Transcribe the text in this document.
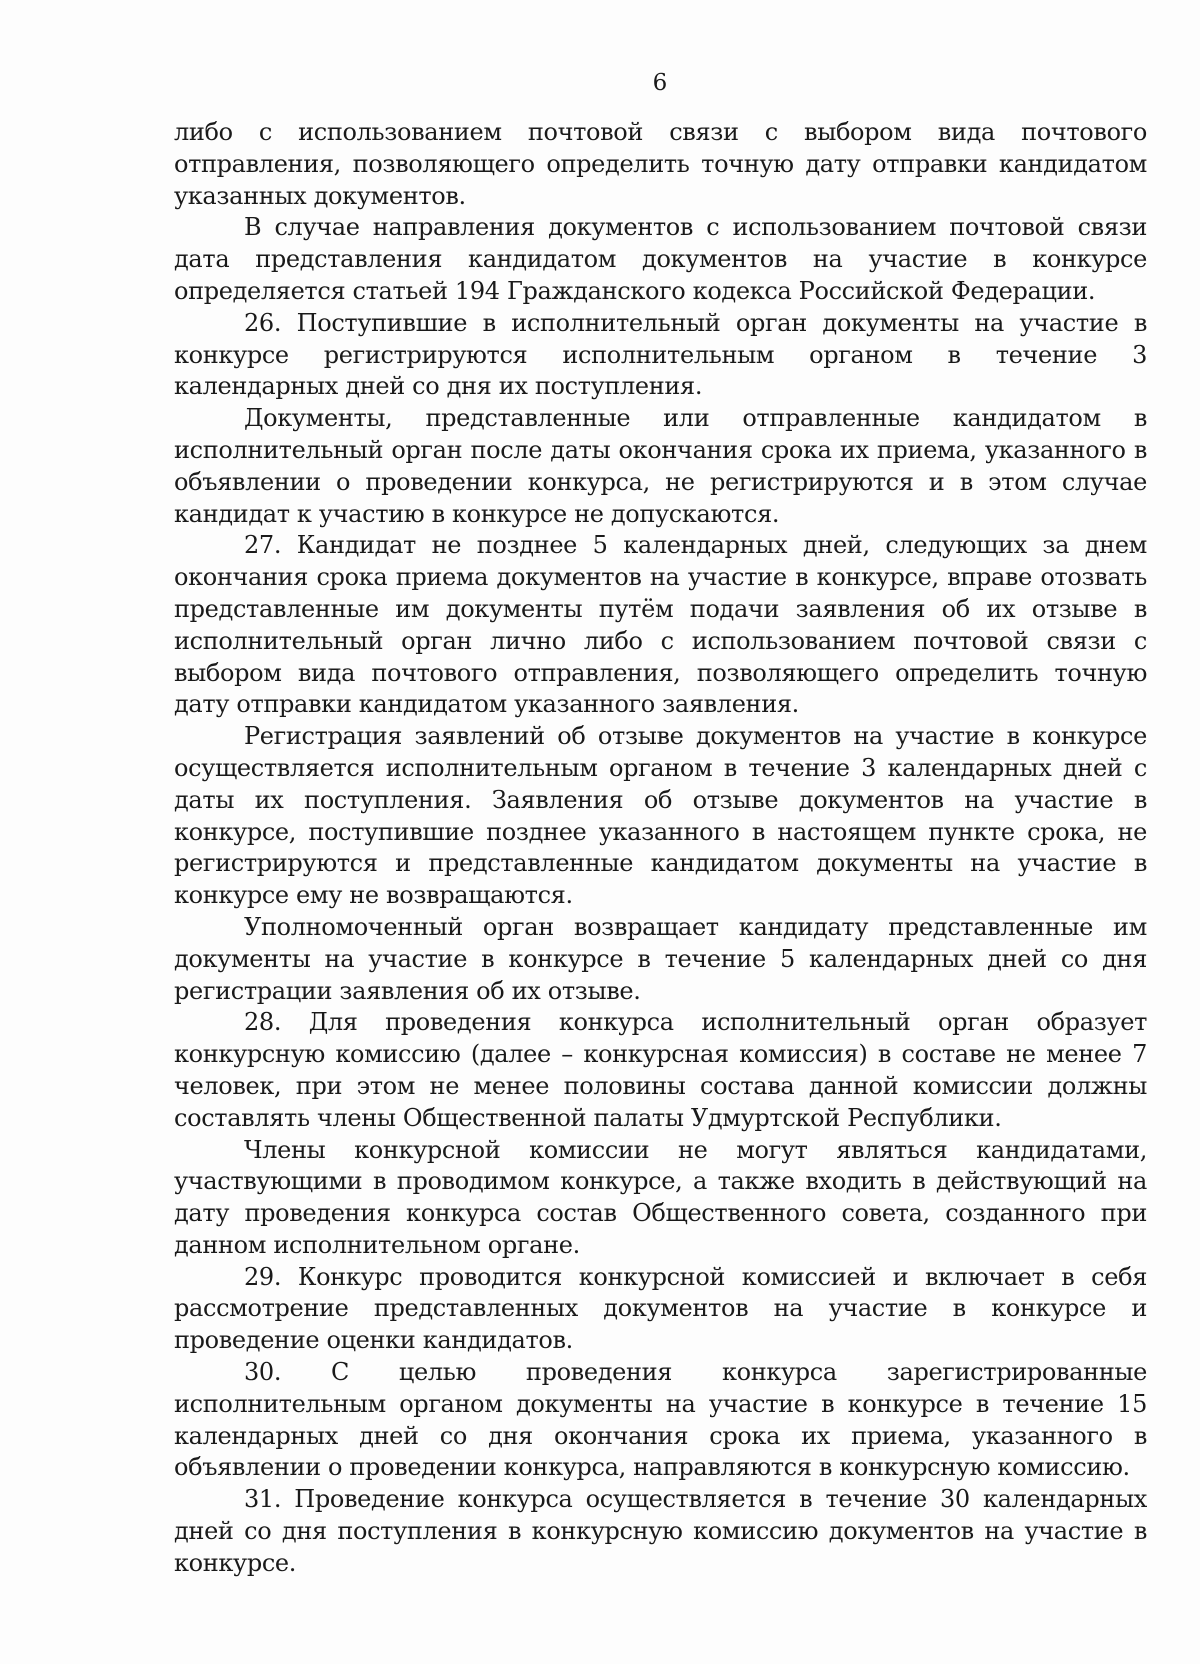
6

либо с использованием почтовой связи с выбором вида почтового отправления, позволяющего определить точную дату отправки кандидатом указанных документов.

В случае направления документов с использованием почтовой связи дата представления кандидатом документов на участие в конкурсе определяется статьей 194 Гражданского кодекса Российской Федерации.

26. Поступившие в исполнительный орган документы на участие в конкурсе регистрируются исполнительным органом в течение 3 календарных дней со дня их поступления.

Документы, представленные или отправленные кандидатом в исполнительный орган после даты окончания срока их приема, указанного в объявлении о проведении конкурса, не регистрируются и в этом случае кандидат к участию в конкурсе не допускаются.

27. Кандидат не позднее 5 календарных дней, следующих за днем окончания срока приема документов на участие в конкурсе, вправе отозвать представленные им документы путём подачи заявления об их отзыве в исполнительный орган лично либо с использованием почтовой связи с выбором вида почтового отправления, позволяющего определить точную дату отправки кандидатом указанного заявления.

Регистрация заявлений об отзыве документов на участие в конкурсе осуществляется исполнительным органом в течение 3 календарных дней с даты их поступления. Заявления об отзыве документов на участие в конкурсе, поступившие позднее указанного в настоящем пункте срока, не регистрируются и представленные кандидатом документы на участие в конкурсе ему не возвращаются.

Уполномоченный орган возвращает кандидату представленные им документы на участие в конкурсе в течение 5 календарных дней со дня регистрации заявления об их отзыве.

28. Для проведения конкурса исполнительный орган образует конкурсную комиссию (далее – конкурсная комиссия) в составе не менее 7 человек, при этом не менее половины состава данной комиссии должны составлять члены Общественной палаты Удмуртской Республики.

Члены конкурсной комиссии не могут являться кандидатами, участвующими в проводимом конкурсе, а также входить в действующий на дату проведения конкурса состав Общественного совета, созданного при данном исполнительном органе.

29. Конкурс проводится конкурсной комиссией и включает в себя рассмотрение представленных документов на участие в конкурсе и проведение оценки кандидатов.

30. С целью проведения конкурса зарегистрированные исполнительным органом документы на участие в конкурсе в течение 15 календарных дней со дня окончания срока их приема, указанного в объявлении о проведении конкурса, направляются в конкурсную комиссию.

31. Проведение конкурса осуществляется в течение 30 календарных дней со дня поступления в конкурсную комиссию документов на участие в конкурсе.
